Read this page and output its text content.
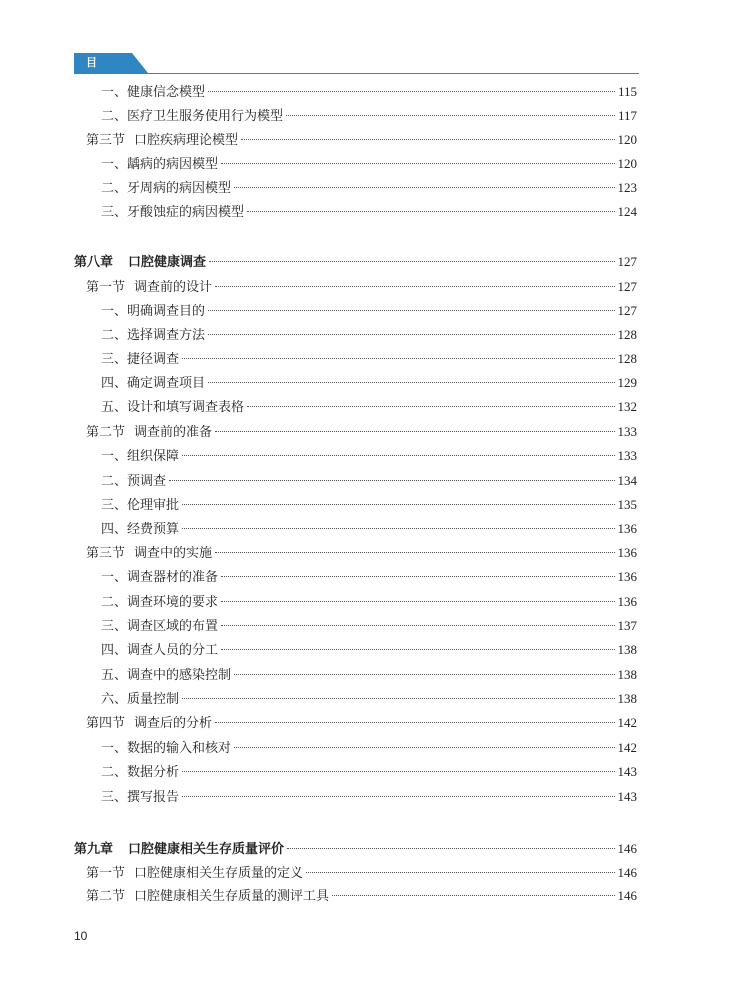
目 录
一、健康信念模型	115
二、医疗卫生服务使用行为模型	117
第三节 口腔疾病理论模型	120
一、龋病的病因模型	120
二、牙周病的病因模型	123
三、牙酸蚀症的病因模型	124
第八章 口腔健康调查	127
第一节 调查前的设计	127
一、明确调查目的	127
二、选择调查方法	128
三、捷径调查	128
四、确定调查项目	129
五、设计和填写调查表格	132
第二节 调查前的准备	133
一、组织保障	133
二、预调查	134
三、伦理审批	135
四、经费预算	136
第三节 调查中的实施	136
一、调查器材的准备	136
二、调查环境的要求	136
三、调查区域的布置	137
四、调查人员的分工	138
五、调查中的感染控制	138
六、质量控制	138
第四节 调查后的分析	142
一、数据的输入和核对	142
二、数据分析	143
三、撰写报告	143
第九章 口腔健康相关生存质量评价	146
第一节 口腔健康相关生存质量的定义	146
第二节 口腔健康相关生存质量的测评工具	146
10
